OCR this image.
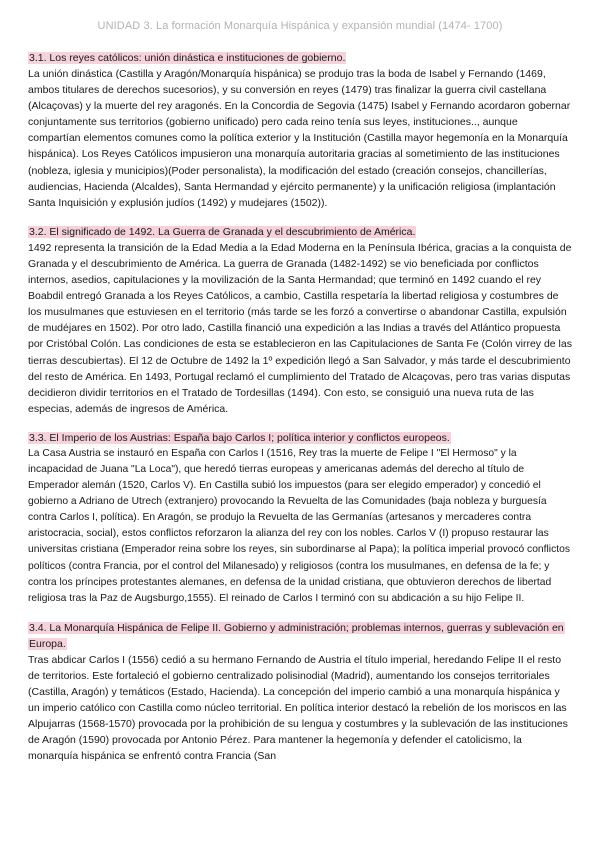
UNIDAD 3. La formación Monarquía Hispánica y expansión mundial (1474- 1700)

3.1. Los reyes católicos: unión dinástica e instituciones de gobierno.

La unión dinástica (Castilla y Aragón/Monarquía hispánica) se produjo tras la boda de Isabel y Fernando (1469, ambos titulares de derechos sucesorios), y su conversión en reyes (1479) tras finalizar la guerra civil castellana (Alcaçovas) y la muerte del rey aragonés. En la Concordia de Segovia (1475) Isabel y Fernando acordaron gobernar conjuntamente sus territorios (gobierno unificado) pero cada reino tenía sus leyes, instituciones.., aunque compartían elementos comunes como la política exterior y la Institución (Castilla mayor hegemonía en la Monarquía hispánica). Los Reyes Católicos impusieron una monarquía autoritaria gracias al sometimiento de las instituciones (nobleza, iglesia y municipios)(Poder personalista), la modificación del estado (creación consejos, chancillerías, audiencias, Hacienda (Alcaldes), Santa Hermandad y ejército permanente) y la unificación religiosa (implantación Santa Inquisición y explusión judíos (1492) y mudejares (1502)).

3.2. El significado de 1492. La Guerra de Granada y el descubrimiento de América.

1492 representa la transición de la Edad Media a la Edad Moderna en la Península Ibérica, gracias a la conquista de Granada y el descubrimiento de América. La guerra de Granada (1482-1492) se vio beneficiada por conflictos internos, asedios, capitulaciones y la movilización de la Santa Hermandad; que terminó en 1492 cuando el rey Boabdil entregó Granada a los Reyes Católicos, a cambio, Castilla respetaría la libertad religiosa y costumbres de los musulmanes que estuviesen en el territorio (más tarde se les forzó a convertirse o abandonar Castilla, expulsión de mudéjares en 1502). Por otro lado, Castilla financió una expedición a las Indias a través del Atlántico propuesta por Cristóbal Colón. Las condiciones de esta se establecieron en las Capitulaciones de Santa Fe (Colón virrey de las tierras descubiertas). El 12 de Octubre de 1492 la 1º expedición llegó a San Salvador, y más tarde el descubrimiento del resto de América. En 1493, Portugal reclamó el cumplimiento del Tratado de Alcaçovas, pero tras varias disputas decidieron dividir territorios en el Tratado de Tordesillas (1494). Con esto, se consiguió una nueva ruta de las especias, además de ingresos de América.

3.3. El Imperio de los Austrias: España bajo Carlos I; política interior y conflictos europeos.

La Casa Austria se instauró en España con Carlos I (1516, Rey tras la muerte de Felipe I "El Hermoso" y la incapacidad de Juana "La Loca"), que heredó tierras europeas y americanas además del derecho al título de Emperador alemán (1520, Carlos V). En Castilla subió los impuestos (para ser elegido emperador) y concedió el gobierno a Adriano de Utrech (extranjero) provocando la Revuelta de las Comunidades (baja nobleza y burguesía contra Carlos I, política). En Aragón, se produjo la Revuelta de las Germanías (artesanos y mercaderes contra aristocracia, social), estos conflictos reforzaron la alianza del rey con los nobles. Carlos V (I) propuso restaurar las universitas cristiana (Emperador reina sobre los reyes, sin subordinarse al Papa); la política imperial provocó conflictos políticos (contra Francia, por el control del Milanesado) y religiosos (contra los musulmanes, en defensa de la fe; y contra los príncipes protestantes alemanes, en defensa de la unidad cristiana, que obtuvieron derechos de libertad religiosa tras la Paz de Augsburgo,1555). El reinado de Carlos I terminó con su abdicación a su hijo Felipe II.

3.4. La Monarquía Hispánica de Felipe II. Gobierno y administración; problemas internos, guerras y sublevación en Europa.

Tras abdicar Carlos I (1556) cedió a su hermano Fernando de Austria el título imperial, heredando Felipe II el resto de territorios. Este fortaleció el gobierno centralizado polisinodial (Madrid), aumentando los consejos territoriales (Castilla, Aragón) y temáticos (Estado, Hacienda). La concepción del imperio cambió a una monarquía hispánica y un imperio católico con Castilla como núcleo territorial. En política interior destacó la rebelión de los moriscos en las Alpujarras (1568-1570) provocada por la prohibición de su lengua y costumbres y la sublevación de las instituciones de Aragón (1590) provocada por Antonio Pérez. Para mantener la hegemonía y defender el catolicismo, la monarquía hispánica se enfrentó contra Francia (San
